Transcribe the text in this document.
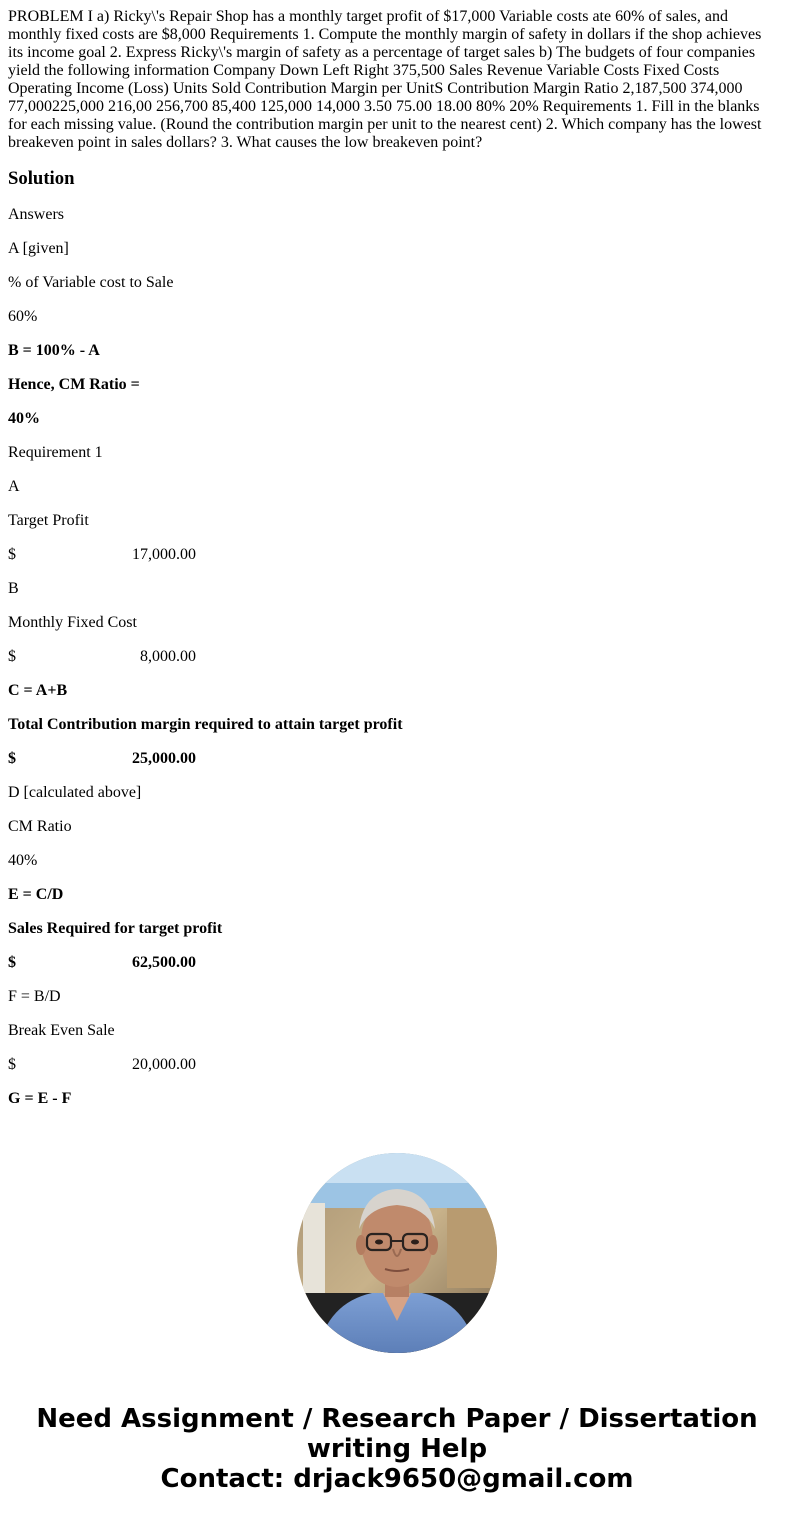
PROBLEM I a) Ricky\'s Repair Shop has a monthly target profit of $17,000 Variable costs ate 60% of sales, and monthly fixed costs are $8,000 Requirements 1. Compute the monthly margin of safety in dollars if the shop achieves its income goal 2. Express Ricky\'s margin of safety as a percentage of target sales b) The budgets of four companies yield the following information Company Down Left Right 375,500 Sales Revenue Variable Costs Fixed Costs Operating Income (Loss) Units Sold Contribution Margin per UnitS Contribution Margin Ratio 2,187,500 374,000 77,000225,000 216,00 256,700 85,400 125,000 14,000 3.50 75.00 18.00 80% 20% Requirements 1. Fill in the blanks for each missing value. (Round the contribution margin per unit to the nearest cent) 2. Which company has the lowest breakeven point in sales dollars? 3. What causes the low breakeven point?

Solution
Answers
A [given]
% of Variable cost to Sale
60%
B = 100% - A
Hence, CM Ratio =
40%
Requirement 1
A
Target Profit
$	17,000.00
B
Monthly Fixed Cost
$	8,000.00
C = A+B
Total Contribution margin required to attain target profit
$	25,000.00
D [calculated above]
CM Ratio
40%
E = C/D
Sales Required for target profit
$	62,500.00
F = B/D
Break Even Sale
$	20,000.00
G = E - F
Need Assignment / Research Paper / Dissertation
writing Help
Contact: drjack9650@gmail.com
